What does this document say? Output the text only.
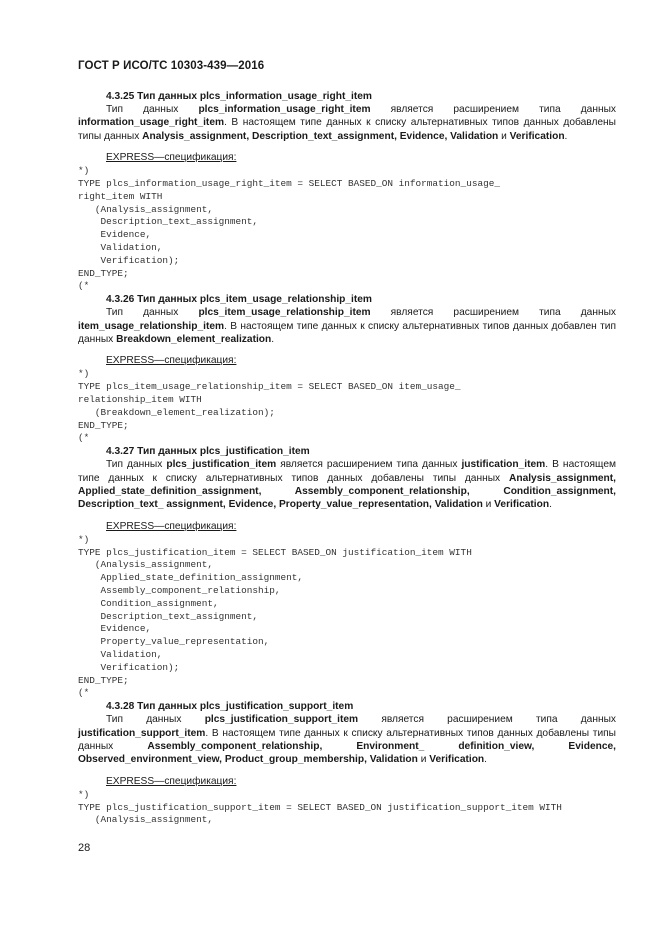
ГОСТ Р ИСО/ТС 10303-439—2016

4.3.25 Тип данных plcs_information_usage_right_item

Тип данных plcs_information_usage_right_item является расширением типа данных information_usage_right_item. В настоящем типе данных к списку альтернативных типов данных добавлены типы данных Analysis_assignment, Description_text_assignment, Evidence, Validation и Verification.

EXPRESS—спецификация:

*)
TYPE plcs_information_usage_right_item = SELECT BASED_ON information_usage_
right_item WITH
(Analysis_assignment,
Description_text_assignment,
Evidence,
Validation,
Verification);
END_TYPE;
(*

4.3.26 Тип данных plcs_item_usage_relationship_item

Тип данных plcs_item_usage_relationship_item является расширением типа данных item_usage_relationship_item. В настоящем типе данных к списку альтернативных типов данных добавлен тип данных Breakdown_element_realization.

EXPRESS—спецификация:

*)
TYPE plcs_item_usage_relationship_item = SELECT BASED_ON item_usage_
relationship_item WITH
(Breakdown_element_realization);
END_TYPE;
(*

4.3.27 Тип данных plcs_justification_item

Тип данных plcs_justification_item является расширением типа данных justification_item. В настоящем типе данных к списку альтернативных типов данных добавлены типы данных Analysis_assignment, Applied_state_definition_assignment, Assembly_component_relationship, Condition_assignment, Description_text_ assignment, Evidence, Property_value_representation, Validation и Verification.

EXPRESS—спецификация:

*)
TYPE plcs_justification_item = SELECT BASED_ON justification_item WITH
(Analysis_assignment,
Applied_state_definition_assignment,
Assembly_component_relationship,
Condition_assignment,
Description_text_assignment,
Evidence,
Property_value_representation,
Validation,
Verification);
END_TYPE;
(*

4.3.28 Тип данных plcs_justification_support_item

Тип данных plcs_justification_support_item является расширением типа данных justification_support_item. В настоящем типе данных к списку альтернативных типов данных добавлены типы данных Assembly_component_relationship, Environment_ definition_view, Evidence, Observed_environment_view, Product_group_membership, Validation и Verification.

EXPRESS—спецификация:

*)
TYPE plcs_justification_support_item = SELECT BASED_ON justification_support_item WITH
(Analysis_assignment,
28
